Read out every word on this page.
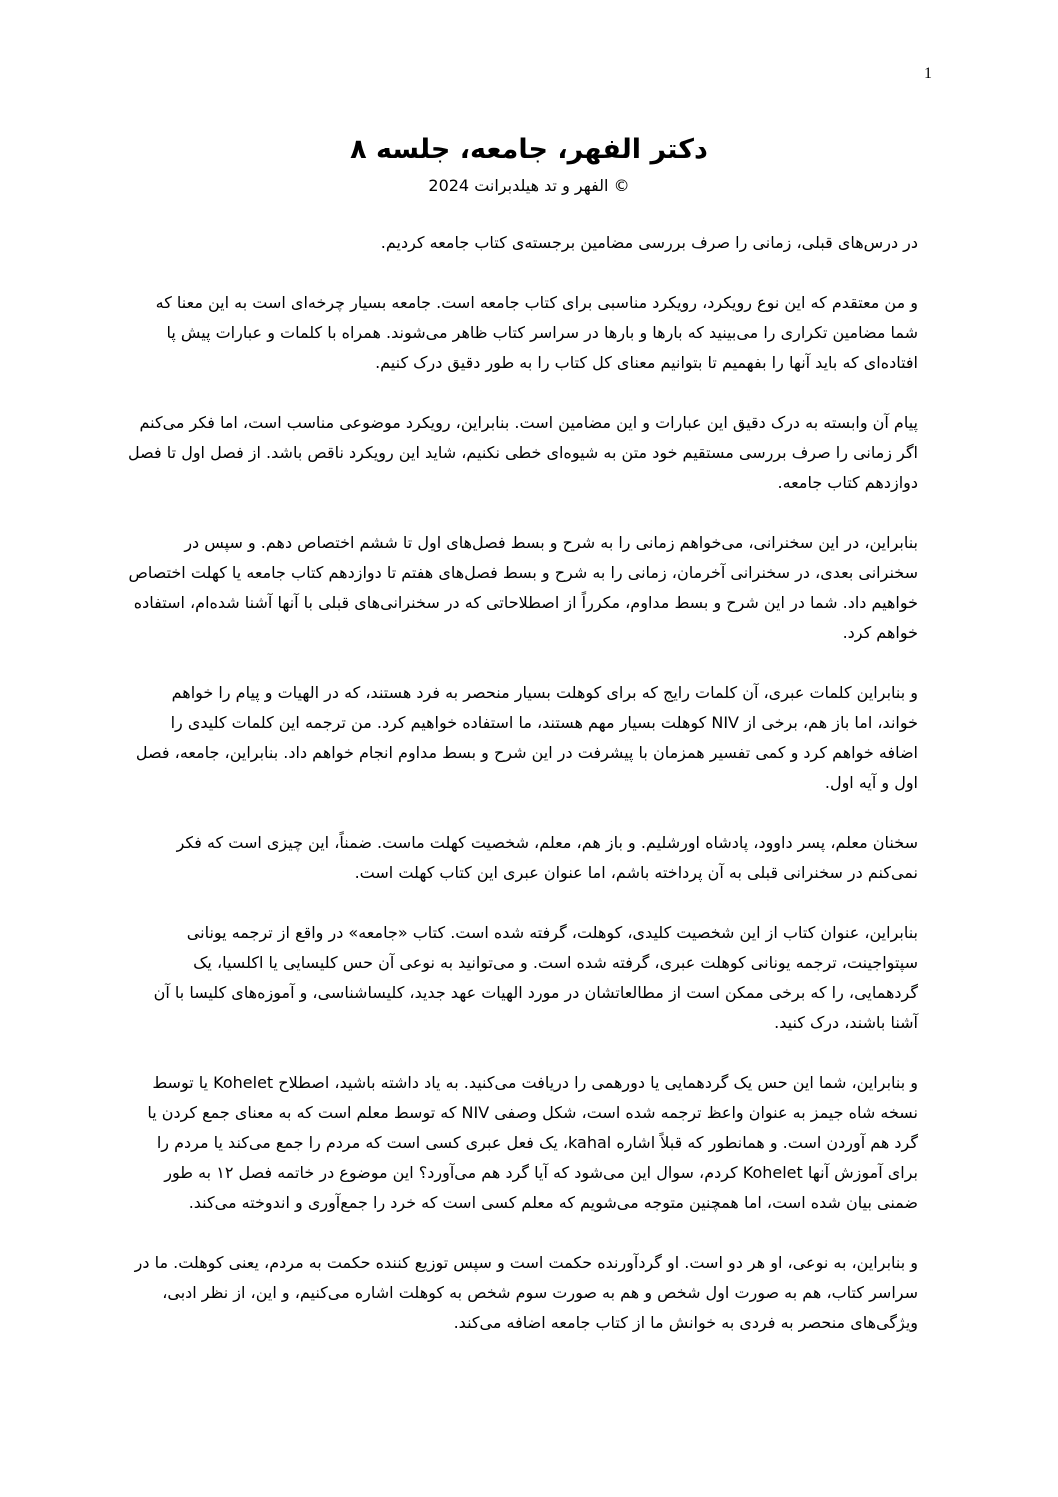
1
دکتر الفهر، جامعه، جلسه ۸
الفهر و تد هیلدبرانت 2024 ©

در درس‌های قبلی، زمانی را صرف بررسی مضامین برجسته‌ی کتاب جامعه کردیم.

و من معتقدم که این نوع رویکرد، رویکرد مناسبی برای کتاب جامعه است. جامعه بسیار چرخه‌ای است به این معنا که شما مضامین تکراری را می‌بینید که بارها و بارها در سراسر کتاب ظاهر می‌شوند. همراه با کلمات و عبارات پیش پا افتاده‌ای که باید آنها را بفهمیم تا بتوانیم معنای کل کتاب را به طور دقیق درک کنیم.

پیام آن وابسته به درک دقیق این عبارات و این مضامین است. بنابراین، رویکرد موضوعی مناسب است، اما فکر می‌کنم اگر زمانی را صرف بررسی مستقیم خود متن به شیوه‌ای خطی نکنیم، شاید این رویکرد ناقص باشد. از فصل اول تا فصل دوازدهم کتاب جامعه.

بنابراین، در این سخنرانی، می‌خواهم زمانی را به شرح و بسط فصل‌های اول تا ششم اختصاص دهم. و سپس در سخنرانی بعدی، در سخنرانی آخرمان، زمانی را به شرح و بسط فصل‌های هفتم تا دوازدهم کتاب جامعه یا کهلت اختصاص خواهیم داد. شما در این شرح و بسط مداوم، مکرراً از اصطلاحاتی که در سخنرانی‌های قبلی با آنها آشنا شده‌ام، استفاده خواهم کرد.

و بنابراین کلمات عبری، آن کلمات رایج که برای کوهلت بسیار منحصر به فرد هستند، که در الهیات و پیام را خواهم خواند، اما باز هم، برخی از NIV کوهلت بسیار مهم هستند، ما استفاده خواهیم کرد. من ترجمه این کلمات کلیدی را اضافه خواهم کرد و کمی تفسیر همزمان با پیشرفت در این شرح و بسط مداوم انجام خواهم داد. بنابراین، جامعه، فصل اول و آیه اول.

سخنان معلم، پسر داوود، پادشاه اورشلیم. و باز هم، معلم، شخصیت کهلت ماست. ضمناً، این چیزی است که فکر نمی‌کنم در سخنرانی قبلی به آن پرداخته باشم، اما عنوان عبری این کتاب کهلت است.

بنابراین، عنوان کتاب از این شخصیت کلیدی، کوهلت، گرفته شده است. کتاب «جامعه» در واقع از ترجمه یونانی سپتواجینت، ترجمه یونانی کوهلت عبری، گرفته شده است. و می‌توانید به نوعی آن حس کلیسایی یا اکلسیا، یک گردهمایی، را که برخی ممکن است از مطالعاتشان در مورد الهیات عهد جدید، کلیساشناسی، و آموزه‌های کلیسا با آن آشنا باشند، درک کنید.

و بنابراین، شما این حس یک گردهمایی یا دورهمی را دریافت می‌کنید. به یاد داشته باشید، اصطلاح Kohelet یا توسط نسخه شاه جیمز به عنوان واعظ ترجمه شده است، شکل وصفی NIV که توسط معلم است که به معنای جمع کردن یا گرد هم آوردن است. و همانطور که قبلاً اشاره kahal، یک فعل عبری کسی است که مردم را جمع می‌کند یا مردم را برای آموزش آنها Kohelet کردم، سوال این می‌شود که آیا گرد هم می‌آورد؟ این موضوع در خاتمه فصل ۱۲ به طور ضمنی بیان شده است، اما همچنین متوجه می‌شویم که معلم کسی است که خرد را جمع‌آوری و اندوخته می‌کند.

و بنابراین، به نوعی، او هر دو است. او گردآورنده حکمت است و سپس توزیع کننده حکمت به مردم، یعنی کوهلت. ما در سراسر کتاب، هم به صورت اول شخص و هم به صورت سوم شخص به کوهلت اشاره می‌کنیم، و این، از نظر ادبی، ویژگی‌های منحصر به فردی به خوانش ما از کتاب جامعه اضافه می‌کند.
